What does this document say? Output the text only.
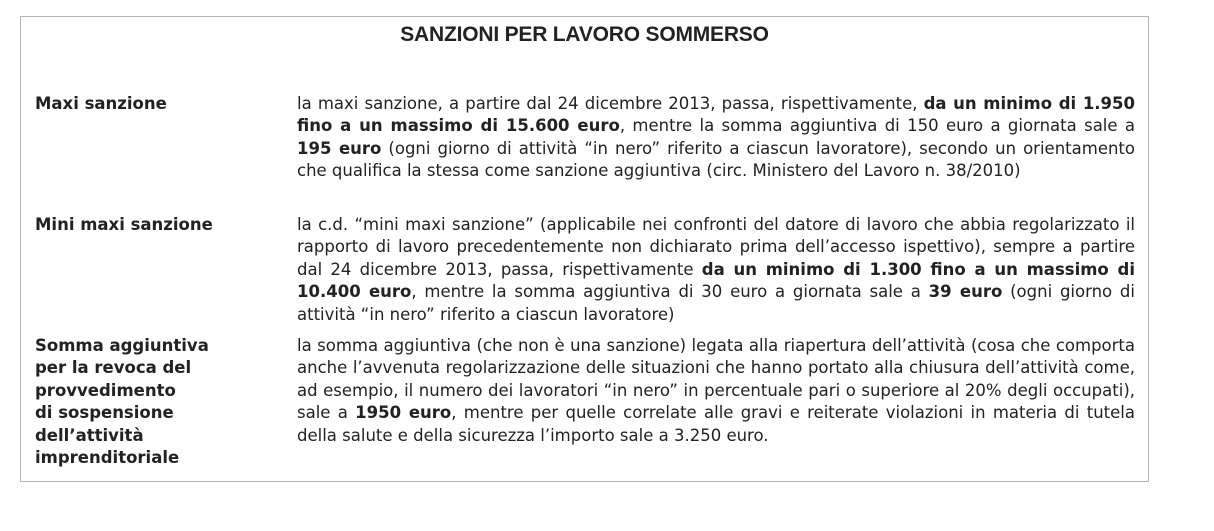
SANZIONI PER LAVORO SOMMERSO
Maxi sanzione	la maxi sanzione, a partire dal 24 dicembre 2013, passa, rispettivamente, da un minimo di 1.950 fino a un massimo di 15.600 euro, mentre la somma aggiuntiva di 150 euro a giornata sale a 195 euro (ogni giorno di attività “in nero” riferito a ciascun lavoratore), secondo un orientamento che qualifica la stessa come sanzione aggiuntiva (circ. Ministero del Lavoro n. 38/2010)
Mini maxi sanzione	la c.d. “mini maxi sanzione” (applicabile nei confronti del datore di lavoro che abbia regolarizzato il rapporto di lavoro precedentemente non dichiarato prima dell’accesso ispettivo), sempre a partire dal 24 dicembre 2013, passa, rispettivamente da un minimo di 1.300 fino a un massimo di 10.400 euro, mentre la somma aggiuntiva di 30 euro a giornata sale a 39 euro (ogni giorno di attività “in nero” riferito a ciascun lavoratore)
Somma aggiuntiva
per la revoca del
provvedimento
di sospensione
dell’attività
imprenditoriale
la somma aggiuntiva (che non è una sanzione) legata alla riapertura dell’attività (cosa che comporta anche l’avvenuta regolarizzazione delle situazioni che hanno portato alla chiusura dell’attività come, ad esempio, il numero dei lavoratori “in nero” in percentuale pari o superiore al 20% degli occupati), sale a 1950 euro, mentre per quelle correlate alle gravi e reiterate violazioni in materia di tutela della salute e della sicurezza l’importo sale a 3.250 euro.
